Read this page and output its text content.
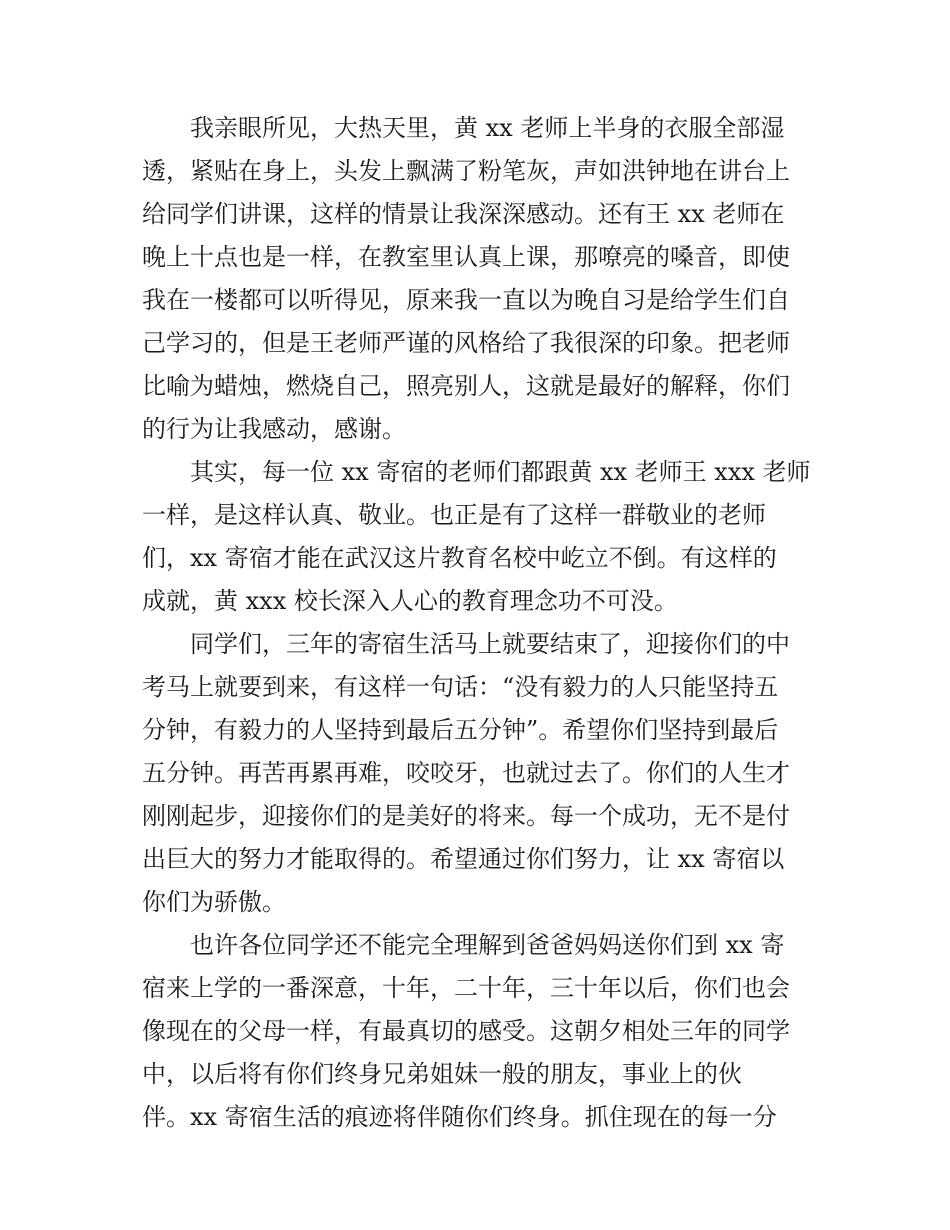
我亲眼所见，大热天里，黄 xx 老师上半身的衣服全部湿
透，紧贴在身上，头发上飘满了粉笔灰，声如洪钟地在讲台上
给同学们讲课，这样的情景让我深深感动。还有王 xx 老师在
晚上十点也是一样，在教室里认真上课，那嘹亮的嗓音，即使
我在一楼都可以听得见，原来我一直以为晚自习是给学生们自
己学习的，但是王老师严谨的风格给了我很深的印象。把老师
比喻为蜡烛，燃烧自己，照亮别人，这就是最好的解释，你们
的行为让我感动，感谢。
其实，每一位 xx 寄宿的老师们都跟黄 xx 老师王 xxx 老师
一样，是这样认真、敬业。也正是有了这样一群敬业的老师
们，xx 寄宿才能在武汉这片教育名校中屹立不倒。有这样的
成就，黄 xxx 校长深入人心的教育理念功不可没。
同学们，三年的寄宿生活马上就要结束了，迎接你们的中
考马上就要到来，有这样一句话：“没有毅力的人只能坚持五
分钟，有毅力的人坚持到最后五分钟”。希望你们坚持到最后
五分钟。再苦再累再难，咬咬牙，也就过去了。你们的人生才
刚刚起步，迎接你们的是美好的将来。每一个成功，无不是付
出巨大的努力才能取得的。希望通过你们努力，让 xx 寄宿以
你们为骄傲。
也许各位同学还不能完全理解到爸爸妈妈送你们到 xx 寄
宿来上学的一番深意，十年，二十年，三十年以后，你们也会
像现在的父母一样，有最真切的感受。这朝夕相处三年的同学
中，以后将有你们终身兄弟姐妹一般的朋友，事业上的伙
伴。xx 寄宿生活的痕迹将伴随你们终身。抓住现在的每一分
